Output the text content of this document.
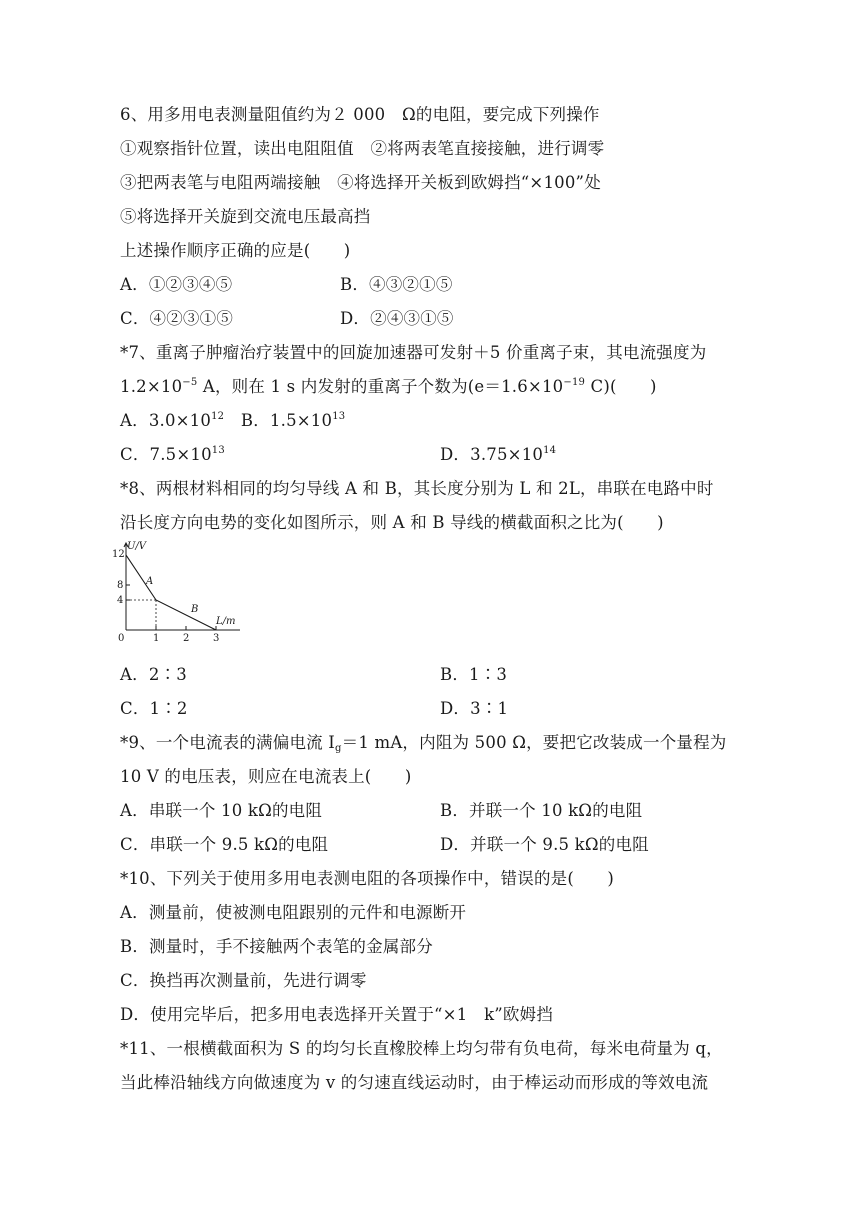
6、用多用电表测量阻值约为２ 000　Ω的电阻，要完成下列操作
①观察指针位置，读出电阻阻值　②将两表笔直接接触，进行调零
③把两表笔与电阻两端接触　④将选择开关板到欧姆挡“×100”处
⑤将选择开关旋到交流电压最高挡
上述操作顺序正确的应是(　　)
A．①②③④⑤	B．④③②①⑤
C．④②③①⑤	D．②④③①⑤
*7、重离子肿瘤治疗装置中的回旋加速器可发射＋5 价重离子束，其电流强度为
$1.2\times 10^{-5}$ A，则在 1 s 内发射的重离子个数为($e=1.6\times 10^{-19}$ C)(　　)
A．$3.0\times 10^{12}$　 B．$1.5\times 10^{13}$
C．$7.5\times 10^{13}$	D．$3.75\times 10^{14}$
*8、两根材料相同的均匀导线 A 和 B，其长度分别为 L 和 2L，串联在电路中时
沿长度方向电势的变化如图所示，则 A 和 B 导线的横截面积之比为(　　)
U/V
12
8
4
0	1 2 3
L/m
A
B
A．2∶3	B．1∶3
C．1∶2	D．3∶1
*9、一个电流表的满偏电流 $I_g=1$ mA，内阻为 500 Ω，要把它改装成一个量程为
10 V 的电压表，则应在电流表上(　　)
A．串联一个 10 kΩ的电阻	B．并联一个 10 kΩ的电阻
C．串联一个 9.5 kΩ的电阻	D．并联一个 9.5 kΩ的电阻
*10、下列关于使用多用电表测电阻的各项操作中，错误的是(　　)
A．测量前，使被测电阻跟别的元件和电源断开
B．测量时，手不接触两个表笔的金属部分
C．换挡再次测量前，先进行调零
D．使用完毕后，把多用电表选择开关置于“×1　k”欧姆挡
*11、一根横截面积为 S 的均匀长直橡胶棒上均匀带有负电荷，每米电荷量为 q，
当此棒沿轴线方向做速度为 v 的匀速直线运动时，由于棒运动而形成的等效电流
